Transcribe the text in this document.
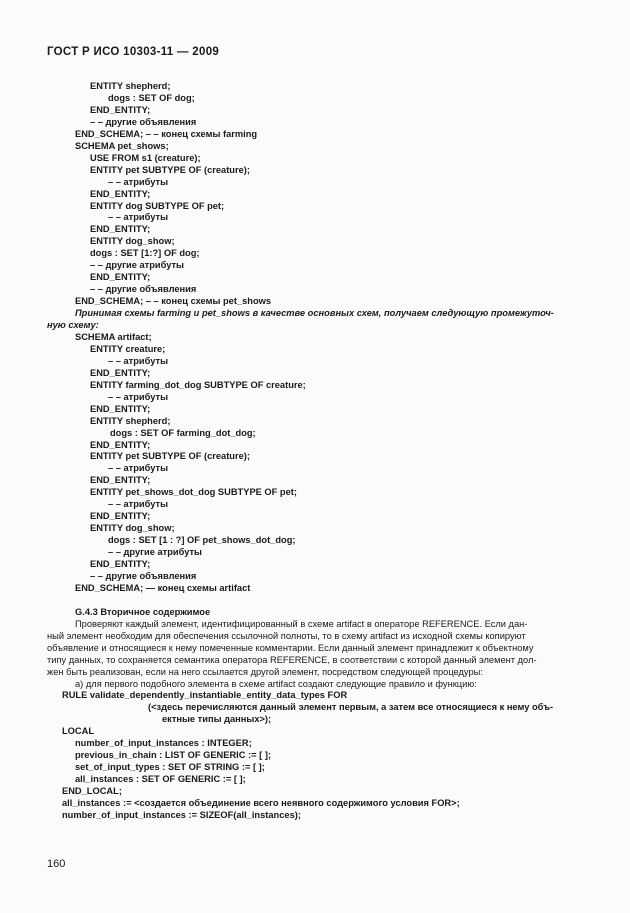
ГОСТ Р ИСО 10303-11 — 2009
ENTITY shepherd;
dogs : SET OF dog;
END_ENTITY;
– – другие объявления
END_SCHEMA; – – конец схемы farming
SCHEMA pet_shows;
USE FROM s1 (creature);
ENTITY pet SUBTYPE OF (creature);
– – атрибуты
END_ENTITY;
ENTITY dog SUBTYPE OF pet;
– – атрибуты
END_ENTITY;
ENTITY dog_show;
dogs : SET [1:?] OF dog;
– – другие атрибуты
END_ENTITY;
– – другие объявления
END_SCHEMA; – – конец схемы pet_shows
Принимая схемы farming и pet_shows в качестве основных схем, получаем следующую промежуточ-
ную схему:
SCHEMA artifact;
ENTITY creature;
– – атрибуты
END_ENTITY;
ENTITY farming_dot_dog SUBTYPE OF creature;
– – атрибуты
END_ENTITY;
ENTITY shepherd;
dogs : SET OF farming_dot_dog;
END_ENTITY;
ENTITY pet SUBTYPE OF (creature);
– – атрибуты
END_ENTITY;
ENTITY pet_shows_dot_dog SUBTYPE OF pet;
– – атрибуты
END_ENTITY;
ENTITY dog_show;
dogs : SET [1 : ?] OF pet_shows_dot_dog;
– – другие атрибуты
END_ENTITY;
– – другие объявления
END_SCHEMA; — конец схемы artifact
G.4.3 Вторичное содержимое
Проверяют каждый элемент, идентифицированный в схеме artifact в операторе REFERENCE. Если дан-
ный элемент необходим для обеспечения ссылочной полноты, то в схему artifact из исходной схемы копируют
объявление и относящиеся к нему помеченные комментарии. Если данный элемент принадлежит к объектному
типу данных, то сохраняется семантика оператора REFERENCE, в соответствии с которой данный элемент дол-
жен быть реализован, если на него ссылается другой элемент, посредством следующей процедуры:
а) для первого подобного элемента в схеме artifact создают следующие правило и функцию:
RULE validate_dependently_instantiable_entity_data_types FOR
(<здесь перечисляются данный элемент первым, а затем все относящиеся к нему объ-
ектные типы данных>);
LOCAL
number_of_input_instances : INTEGER;
previous_in_chain : LIST OF GENERIC := [ ];
set_of_input_types : SET OF STRING := [ ];
all_instances : SET OF GENERIC := [ ];
END_LOCAL;
all_instances := <создается объединение всего неявного содержимого условия FOR>;
number_of_input_instances := SIZEOF(all_instances);
160
